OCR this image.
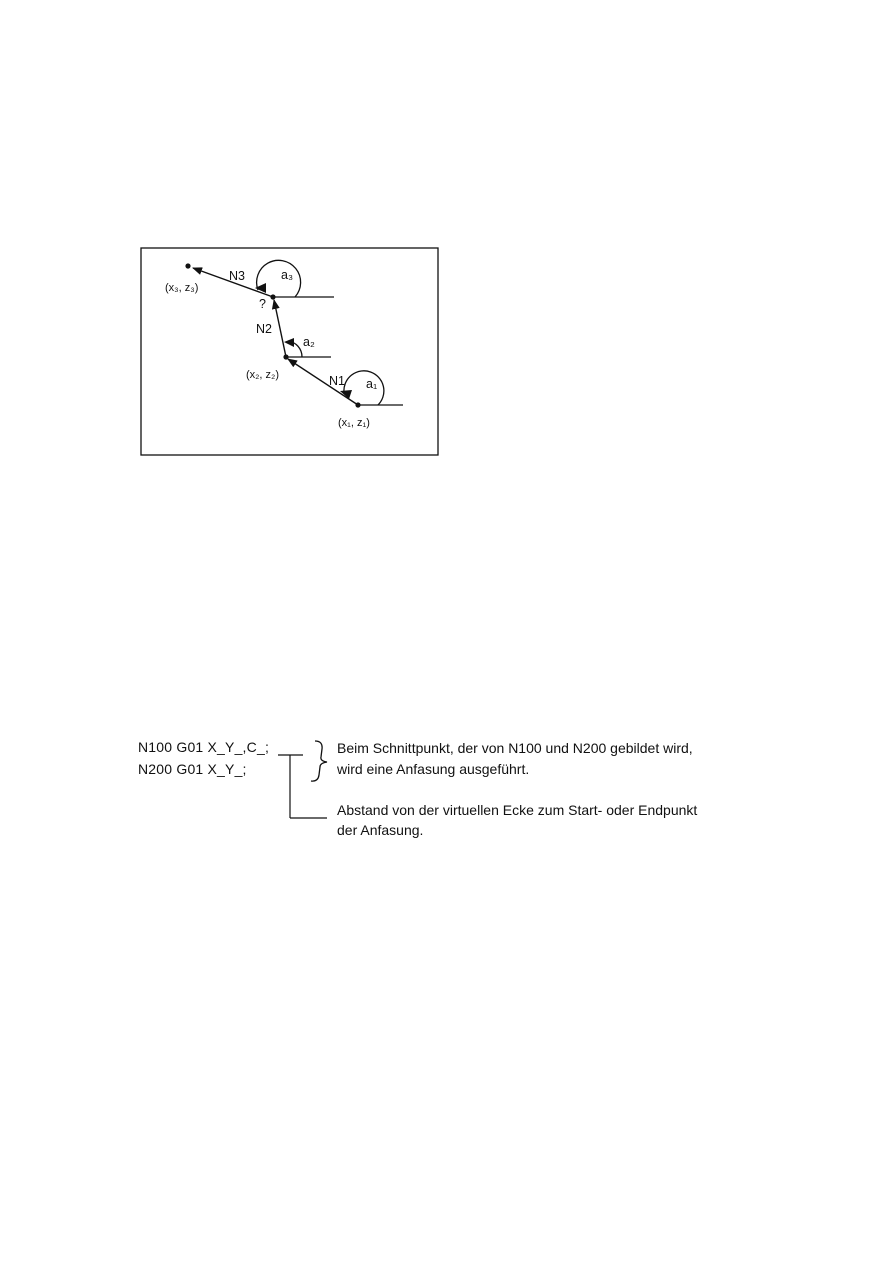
N1
N2
N3
a₁
a₂
a₃
?
(x₁, z₁)
(x₂, z₂)
(x₃, z₃)
N100 G01 X_Y_,C_;
N200 G01 X_Y_;
Beim Schnittpunkt, der von N100 und N200 gebildet wird,
wird eine Anfasung ausgeführt.
Abstand von der virtuellen Ecke zum Start- oder Endpunkt
der Anfasung.
